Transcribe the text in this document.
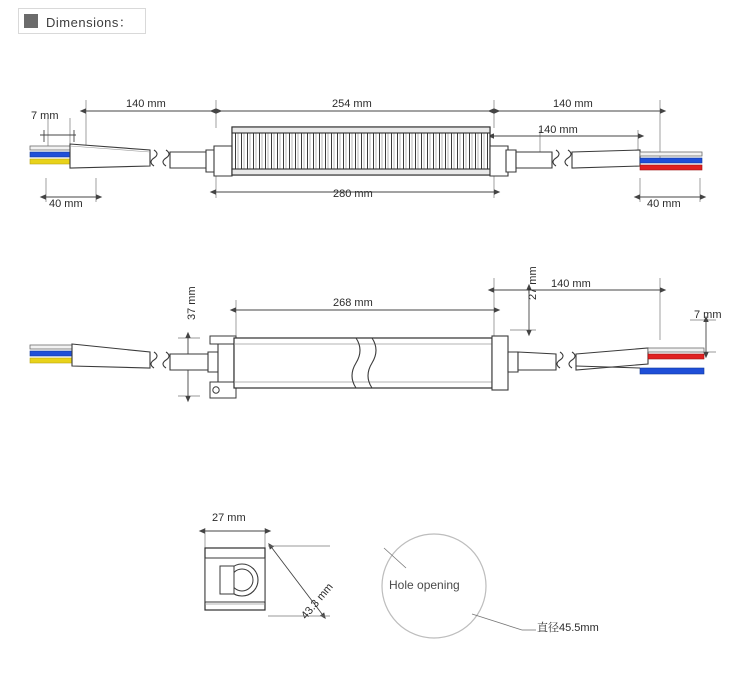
Dimensions：
7 mm
140 mm	254 mm	140 mm
140 mm
280 mm
40 mm	40 mm
37 mm	268 mm
140 mm
27 mm
7 mm
27 mm
43.3 mm	Hole opening
直径45.5mm
